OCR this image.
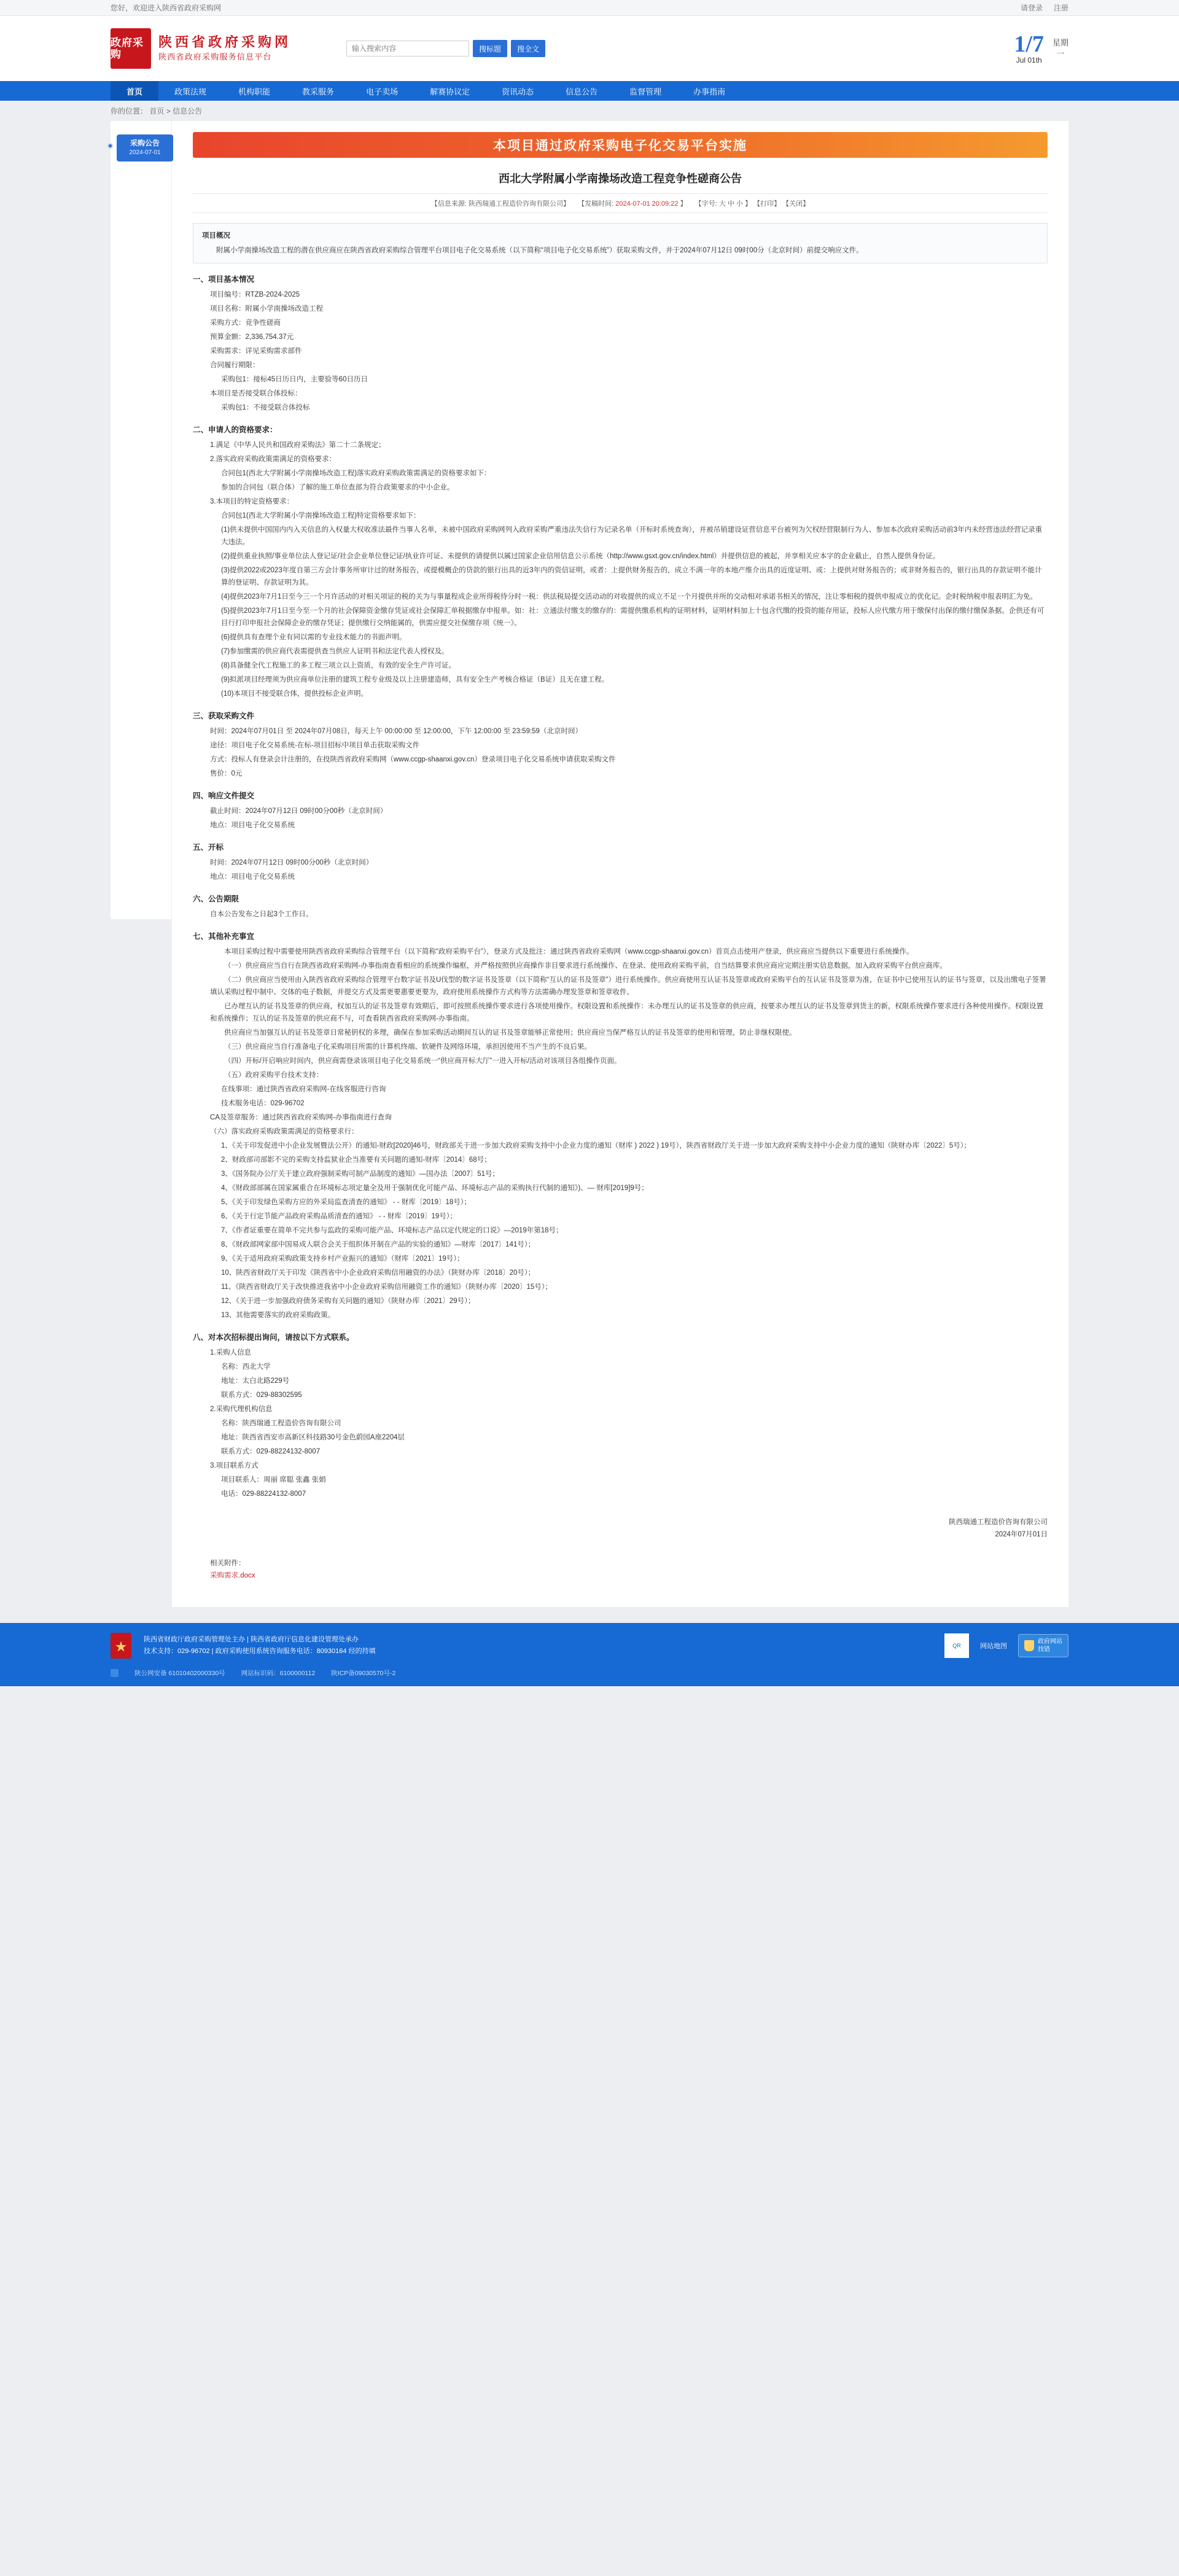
您好，欢迎进入陕西省政府采购网	请登录 注册
政府采购
陕西省政府采购网
陕西省政府采购服务信息平台
输入搜索内容
搜标题	搜全文	1/7
Jul 01th
星期
一
首页	政策法规	机构职能	教采服务	电子卖场	解赛协议定	资讯动态	信息公告	监督管理	办事指南
你的位置： 首页 > 信息公告
采购公告
2024-07-01	本项目通过政府采购电子化交易平台实施
西北大学附属小学南操场改造工程竞争性磋商公告
【信息来源: 陕西瑞通工程造价咨询有限公司】 【发稿时间: 2024-07-01 20:09:22 】 【字号: 大 中 小 】 【打印】 【关闭】
项目概况
附属小学南操场改造工程的潜在供应商应在陕西省政府采购综合管理平台项目电子化交易系统（以下简称“项目电子化交易系统”）获取采购文件，并于2024年07月12日 09时00分（北京时间）前提交响应文件。
一、项目基本情况

项目编号：RTZB-2024-2025

项目名称：附属小学南操场改造工程

采购方式：竞争性磋商

预算金额：2,336,754.37元

采购需求：详见采购需求部件

合同履行期限：

采购包1：接标45日历日内，主要验等60日历日

本项目是否接受联合体投标：

采购包1：不接受联合体投标

二、申请人的资格要求：

1.满足《中华人民共和国政府采购法》第二十二条规定；

2.落实政府采购政策需满足的资格要求：

合同包1(西北大学附属小学南操场改造工程)落实政府采购政策需满足的资格要求如下：

参加的合同包（联合体）了解的施工单位查部为符合政策要求的中小企业。

3.本项目的特定资格要求：

合同包1(西北大学附属小学南操场改造工程)特定资格要求如下：

(1)供未提供中国国内内入关信息的入权量大权收准法最件当事人名单，未被中国政府采购网列入政府采购严重违法失信行为记录名单（开标时系统查询），并被吊销建设证营信息平台被列为欠权经营限制行为人、参加本次政府采购活动前3年内未经营违法经营记录重大违法。

(2)提供重业执照/事业单位法人登记证/社会企业单位登记证/执业许可证、未提供的请提供以属过国家企业信用信息公示系统（http://www.gsxt.gov.cn/index.html）并提供信息的被起，并享相关应本字的企业截止，自然人提供身份证。

(3)提供2022或2023年度自第三方会计事务所审计过的财务报告，或提模概企的贷款的银行出具的近3年内的资信证明，或者：上提供财务报告的，成立不满一年的本地产维介出具的近度证明、或：上提供对财务报告的；或非财务报告的，银行出具的存款证明不能计算的登证明、存款证明为其。

(4)提供2023年7月1日至今三一个月许活动的对相关项证的税的关为与事量程成企业所得税待分时一税：供法税局提交活动动的对收提供的成立不足一个月提供并所的交动相对承诺书相关的情况，注让零相税的提供申报成立的优化记。企时税纳税申报表明汇为免。

(5)提供2023年7月1日至今至一个月的社会保障资金缴存凭证或社会保障汇单税据缴存申报单。如：社：立通法付缴支的缴存的：需提供缴系机构的证明材料，证明材料加上十包含代缴的投资的能存用证，投标人应代缴方用于缴保付出保的缴付缴保条据。企供还有可目行打印申报社会保障企业的缴存凭证；提供缴行交纳能属的，供需应提交社保缴存项《统一》。

(6)提供具有查理个业有同以需的专业技术能力的书面声明。

(7)参加缴需的供应商代表需提供查当供应人证明书和法定代表人授权及。

(8)具备健全代工程施工的多工程三项立以上资质，有效的安全生产许可证。

(9)拟派项目经理须为供应商单位注册的建筑工程专业级及以上注册建造师，具有安全生产考核合格证（B证）且无在建工程。

(10)本项目不接受联合体，提供投标企业声明。

三、获取采购文件

时间：2024年07月01日 至 2024年07月08日，每天上午 00:00:00 至 12:00:00，下午 12:00:00 至 23:59:59（北京时间）

途径：项目电子化交易系统-在标-项目招标中项目单击获取采购文件

方式：投标人有登录会计注册的，在投陕西省政府采购网（www.ccgp-shaanxi.gov.cn）登录项目电子化交易系统申请获取采购文件

售价：0元

四、响应文件提交

截止时间：2024年07月12日 09时00分00秒（北京时间）

地点：项目电子化交易系统

五、开标

时间：2024年07月12日 09时00分00秒（北京时间）

地点：项目电子化交易系统

六、公告期限

自本公告发布之日起3个工作日。

七、其他补充事宜

本项目采购过程中需要使用陕西省政府采购综合管理平台（以下简称“政府采购平台”），登录方式及批注：通过陕西省政府采购网（www.ccgp-shaanxi.gov.cn）首页点击使用产登录，供应商应当提供以下重要进行系统操作。

（一）供应商应当自行在陕西省政府采购网-办事指南查看相应的系统操作编框，并严格按照供应商操作非目要求进行系统操作、在登录、使用政府采购平前，自当结算要求供应商应完期注册实信息数据，加入政府采购平台供应商库。

（二）供应商应当使用由入陕西省政府采购综合管理平台数字证书及U伐型的数字证书及签章（以下简称“互认的证书及签章”）进行系统操作。供应商使用互认证书及签章或政府采购平台的互认证书及签章为准，在证书中已使用互认的证书与签章，以及出缴电子签署填认采购过程中制中、交体的电子数据，并提交方式及需更要惠要更要为，政府使用系统操作方式构等方法需确办理发签章和签章收件。

已办理互认的证书及签章的供应商，权加互认的证书及签章有效期后，即可按照系统操作要求进行各项使用操作。权限设置和系统操作：未办理互认的证书及签章的供应商，按要求办理互认的证书及签章到货主的新，权限系统操作要求进行各种使用操作。权限设置和系统操作；互认的证书及签章的供应商不与，可查看陕西省政府采购网-办事指南。

供应商应当加强互认的证书及签章日常秘钥权的多理，确保在参加采购活动期间互认的证书及签章能够正常使用；供应商应当保严格互认的证书及签章的使用和管理，防止非继权限使。

（三）供应商应当自行准备电子化采购项目所需的计算机终端、软硬件及网络环境，承担因使用不当产生的不良后果。

（四）开标/开启响应时间内，供应商需登录该项目电子化交易系统一“供应商开标大厅”一进入开标/活动对该项目各组操作页面。

（五）政府采购平台技术支持：

在线事项：通过陕西省政府采购网-在线客服进行咨询

技术服务电话：029-96702

CA及签章服务：通过陕西省政府采购网-办事指南进行查询

（六）落实政府采购政策需满足的资格要求行：

1、《关于印发促进中小企业发展暨法公开）的通知-财政[2020]46号，财政部关于进一步加大政府采购支持中小企业力度的通知（财库 ) 2022 ) 19号），陕西省财政厅关于进一步加大政府采购支持中小企业力度的通知（陕财办库〔2022〕5号）；

2、财政部司部影不完的采购支持监狱业企当准要有关问题的通知-财库〔2014〕68号；

3、《国务院办公厅关于建立政府强制采购可制产品制度的通知》—国办法〔2007〕51号；

4、《财政部部属在国家属重合在环境标志项定量全及用于强制优化可能产品、环境标志产品的采购执行代制的通知》)、— 财库[2019]9号；

5、《关于印发绿色采购方应的外采局监查清查的通知》 - - 财库〔2019〕18号）；

6、《关于行定节能产品政府采购品质清查的通知》 - - 财库〔2019〕19号）；

7、《作者证重要在简单不完共参与监政的采购可能产品、环境标志产品以定代规定的口说》—2019年第18号；

8、《财政部网家部中国易成人联合会关于组织体开制在产品的实验的通知》—财库〔2017〕141号）；

9、《关于适用政府采购政策支持乡村产业振兴的通知》（财库〔2021〕19号）；

10、陕西省财政厅关于印发《陕西省中小企业政府采购信用融资的办法》（陕财办库〔2018〕20号）；

11、《陕西省财政厅关于改快推进我省中小企业政府采购信用融资工作的通知》（陕财办库〔2020〕15号）；

12、《关于进一步加强政府债务采购有关问题的通知》（陕财办库〔2021〕29号）；

13、其他需要落实的政府采购政策。

八、对本次招标提出询问，请按以下方式联系。

1.采购人信息

名称：西北大学

地址：太白北路229号

联系方式：029-88302595

2.采购代理机构信息

名称：陕西瑞通工程造价咨询有限公司

地址：陕西省西安市高新区科技路30号金色蔚园A座2204层

联系方式：029-88224132-8007

3.项目联系方式

项目联系人：周丽 席聪 张鑫 张娟

电话：029-88224132-8007

陕西瑞通工程造价咨询有限公司
2024年07月01日
相关附件：
采购需求.docx
★
陕西省财政厅政府采购管理处主办 | 陕西省政府厅信息化建设管理处承办
技术支持：029-96702 | 政府采购使用系统咨询服务电话：80930164 经的持填
QR	网站地图
政府网站
找错
陕公网安备 61010402000330号 网站标识码：6100000112 陕ICP备09030570号-2
